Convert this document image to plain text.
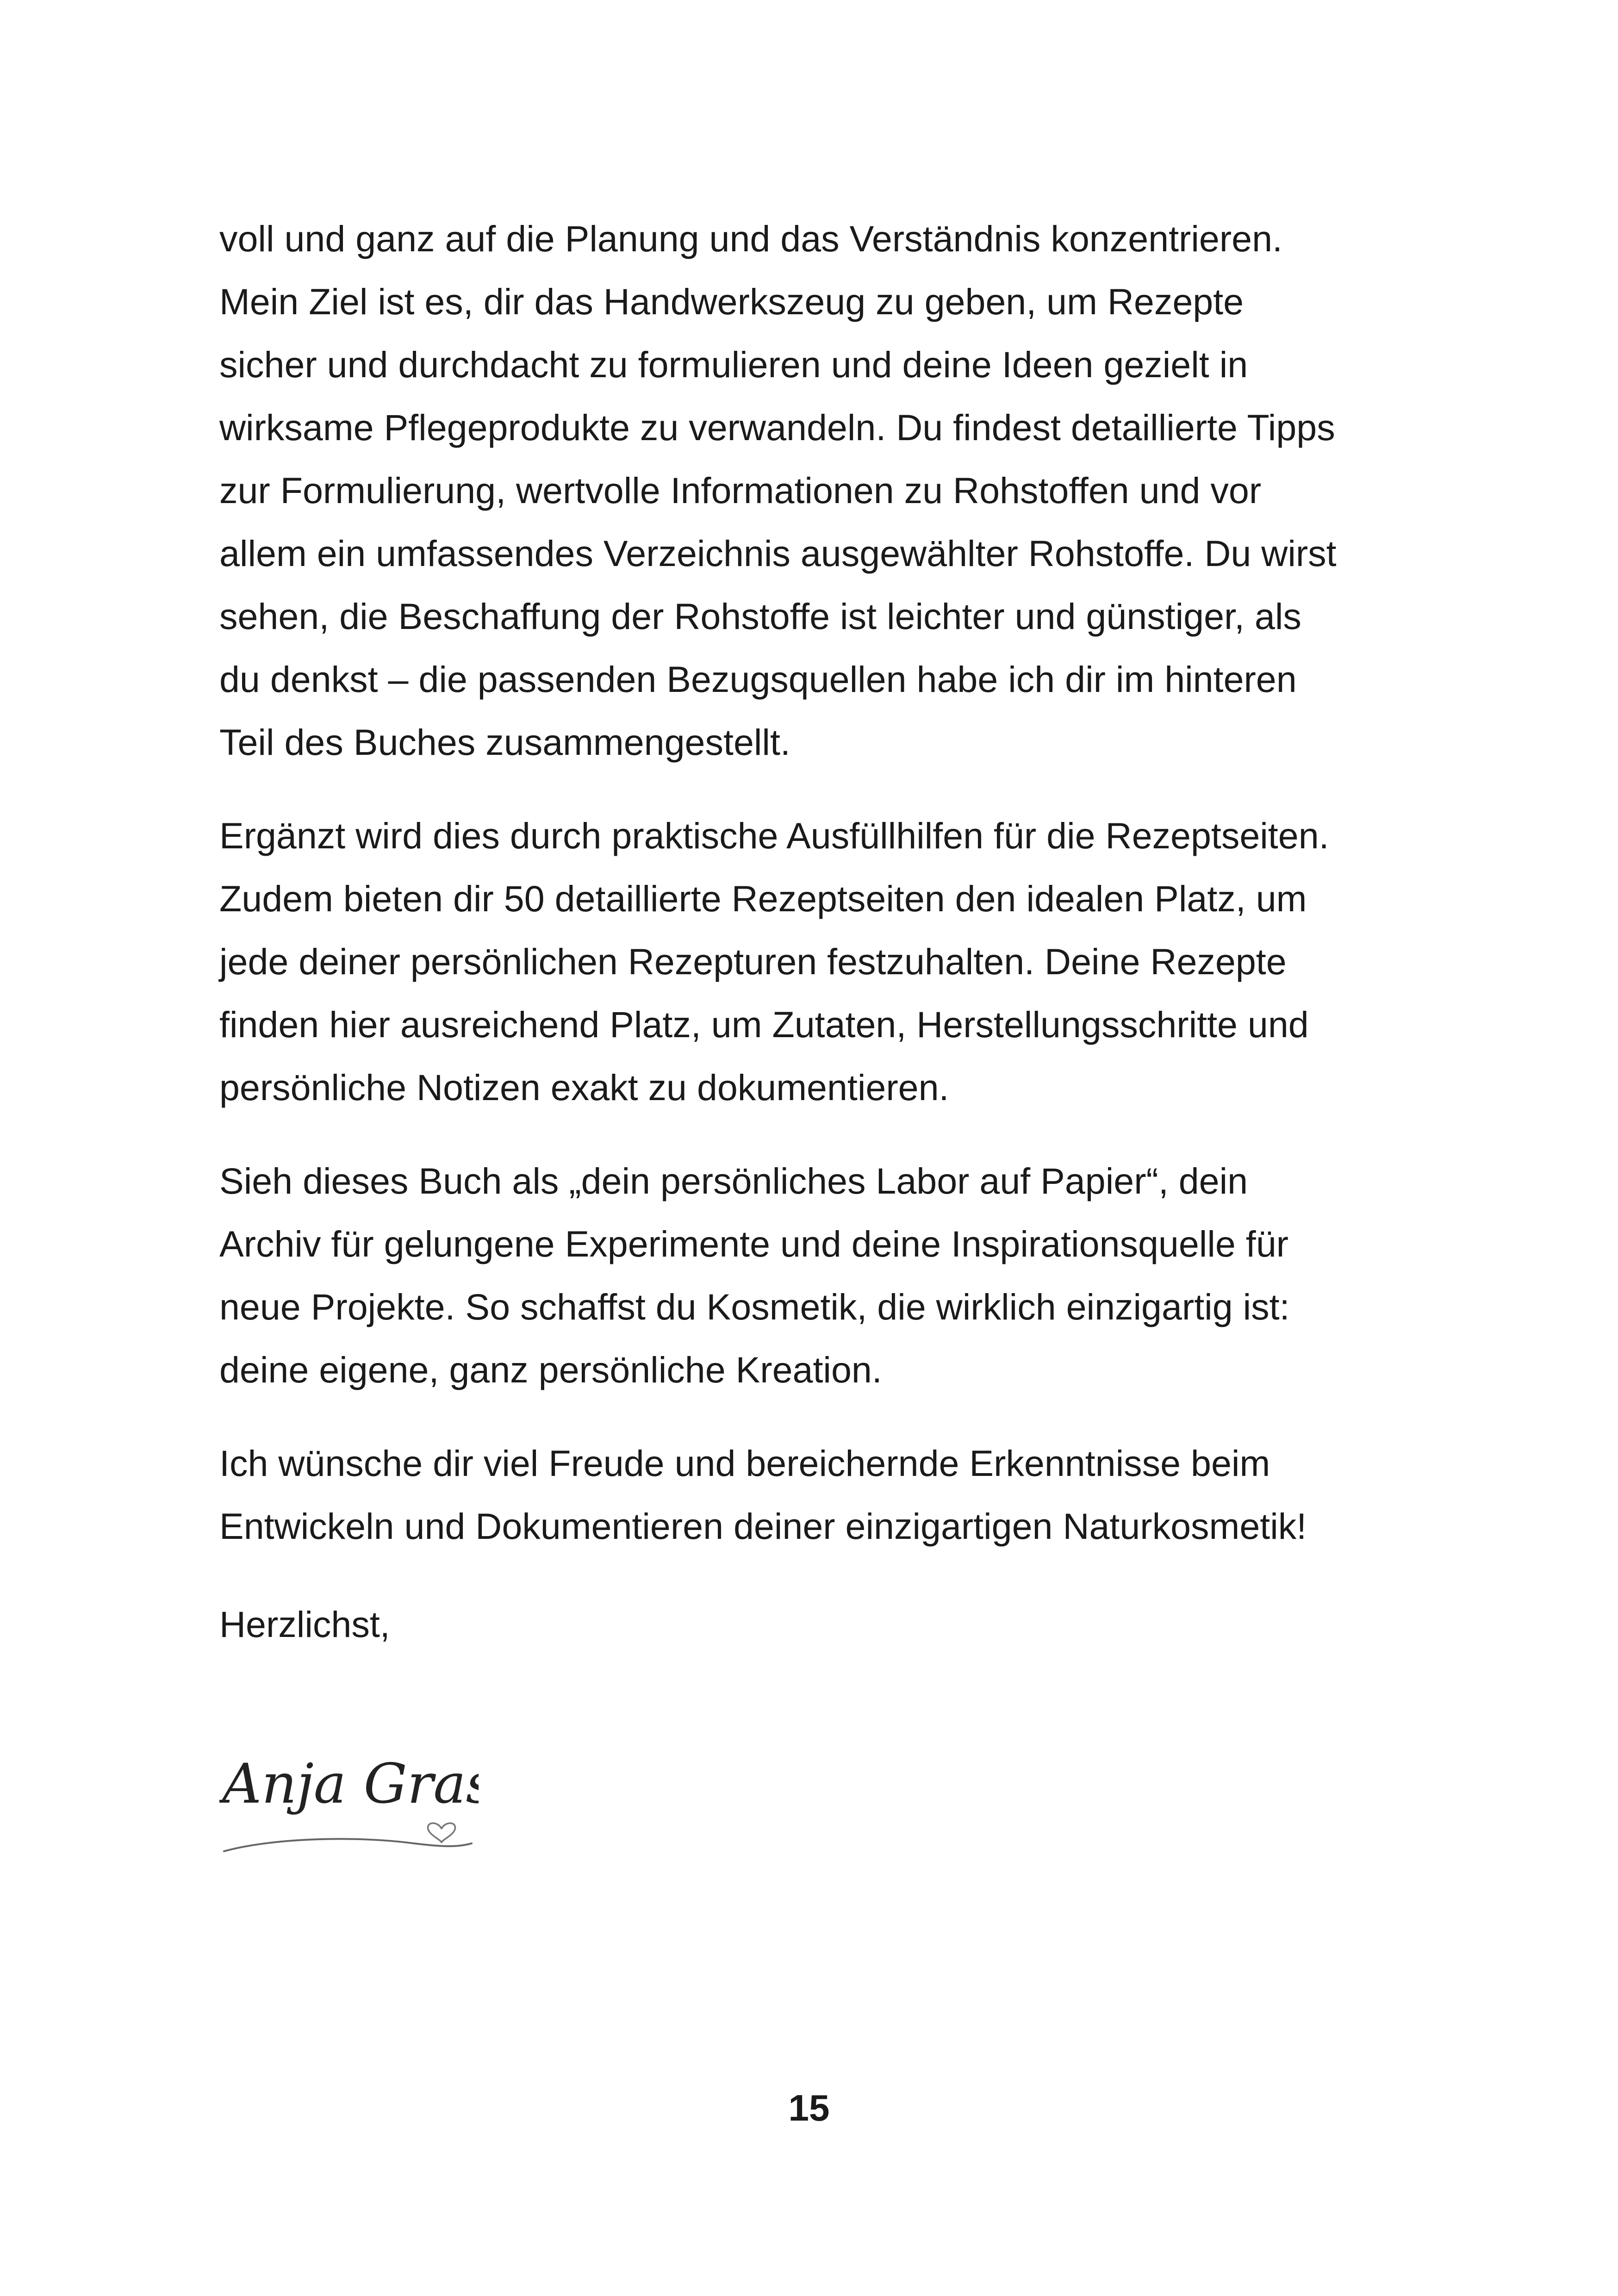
voll und ganz auf die Planung und das Verständnis konzentrieren.
Mein Ziel ist es, dir das Handwerkszeug zu geben, um Rezepte
sicher und durchdacht zu formulieren und deine Ideen gezielt in
wirksame Pflegeprodukte zu verwandeln. Du findest detaillierte Tipps
zur Formulierung, wertvolle Informationen zu Rohstoffen und vor
allem ein umfassendes Verzeichnis ausgewählter Rohstoffe. Du wirst
sehen, die Beschaffung der Rohstoffe ist leichter und günstiger, als
du denkst – die passenden Bezugsquellen habe ich dir im hinteren
Teil des Buches zusammengestellt.

Ergänzt wird dies durch praktische Ausfüllhilfen für die Rezeptseiten.
Zudem bieten dir 50 detaillierte Rezeptseiten den idealen Platz, um
jede deiner persönlichen Rezepturen festzuhalten. Deine Rezepte
finden hier ausreichend Platz, um Zutaten, Herstellungsschritte und
persönliche Notizen exakt zu dokumentieren.

Sieh dieses Buch als „dein persönliches Labor auf Papier“, dein
Archiv für gelungene Experimente und deine Inspirationsquelle für
neue Projekte. So schaffst du Kosmetik, die wirklich einzigartig ist:
deine eigene, ganz persönliche Kreation.

Ich wünsche dir viel Freude und bereichernde Erkenntnisse beim
Entwickeln und Dokumentieren deiner einzigartigen Naturkosmetik!

Herzlichst,

Anja Gras
15
